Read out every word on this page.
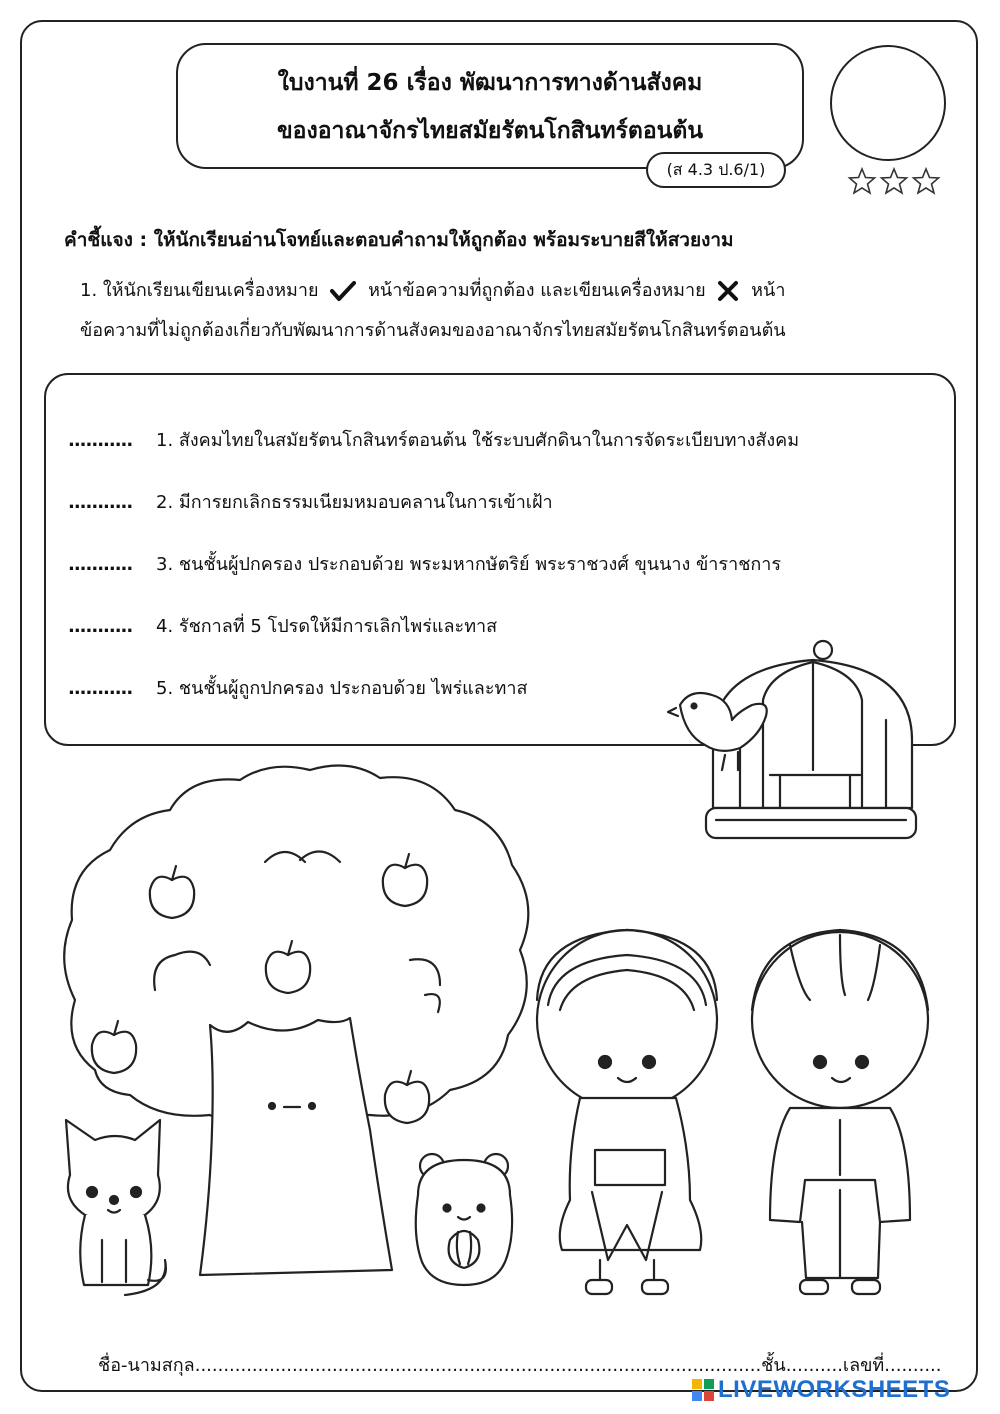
ใบงานที่ 26 เรื่อง พัฒนาการทางด้านสังคม
ของอาณาจักรไทยสมัยรัตนโกสินทร์ตอนต้น
(ส 4.3 ป.6/1)
คำชี้แจง : ให้นักเรียนอ่านโจทย์และตอบคำถามให้ถูกต้อง พร้อมระบายสีให้สวยงาม
1. ให้นักเรียนเขียนเครื่องหมาย	หน้าข้อความที่ถูกต้อง และเขียนเครื่องหมาย	หน้า
ข้อความที่ไม่ถูกต้องเกี่ยวกับพัฒนาการด้านสังคมของอาณาจักรไทยสมัยรัตนโกสินทร์ตอนต้น
........... 1. สังคมไทยในสมัยรัตนโกสินทร์ตอนต้น ใช้ระบบศักดินาในการจัดระเบียบทางสังคม
........... 2. มีการยกเลิกธรรมเนียมหมอบคลานในการเข้าเฝ้า
........... 3. ชนชั้นผู้ปกครอง ประกอบด้วย พระมหากษัตริย์ พระราชวงศ์ ขุนนาง ข้าราชการ
........... 4. รัชกาลที่ 5 โปรดให้มีการเลิกไพร่และทาส
........... 5. ชนชั้นผู้ถูกปกครอง ประกอบด้วย ไพร่และทาส
ชื่อ-นามสกุล...................................................................................................ชั้น..........เลขที่..........
LIVEWORKSHEETS
